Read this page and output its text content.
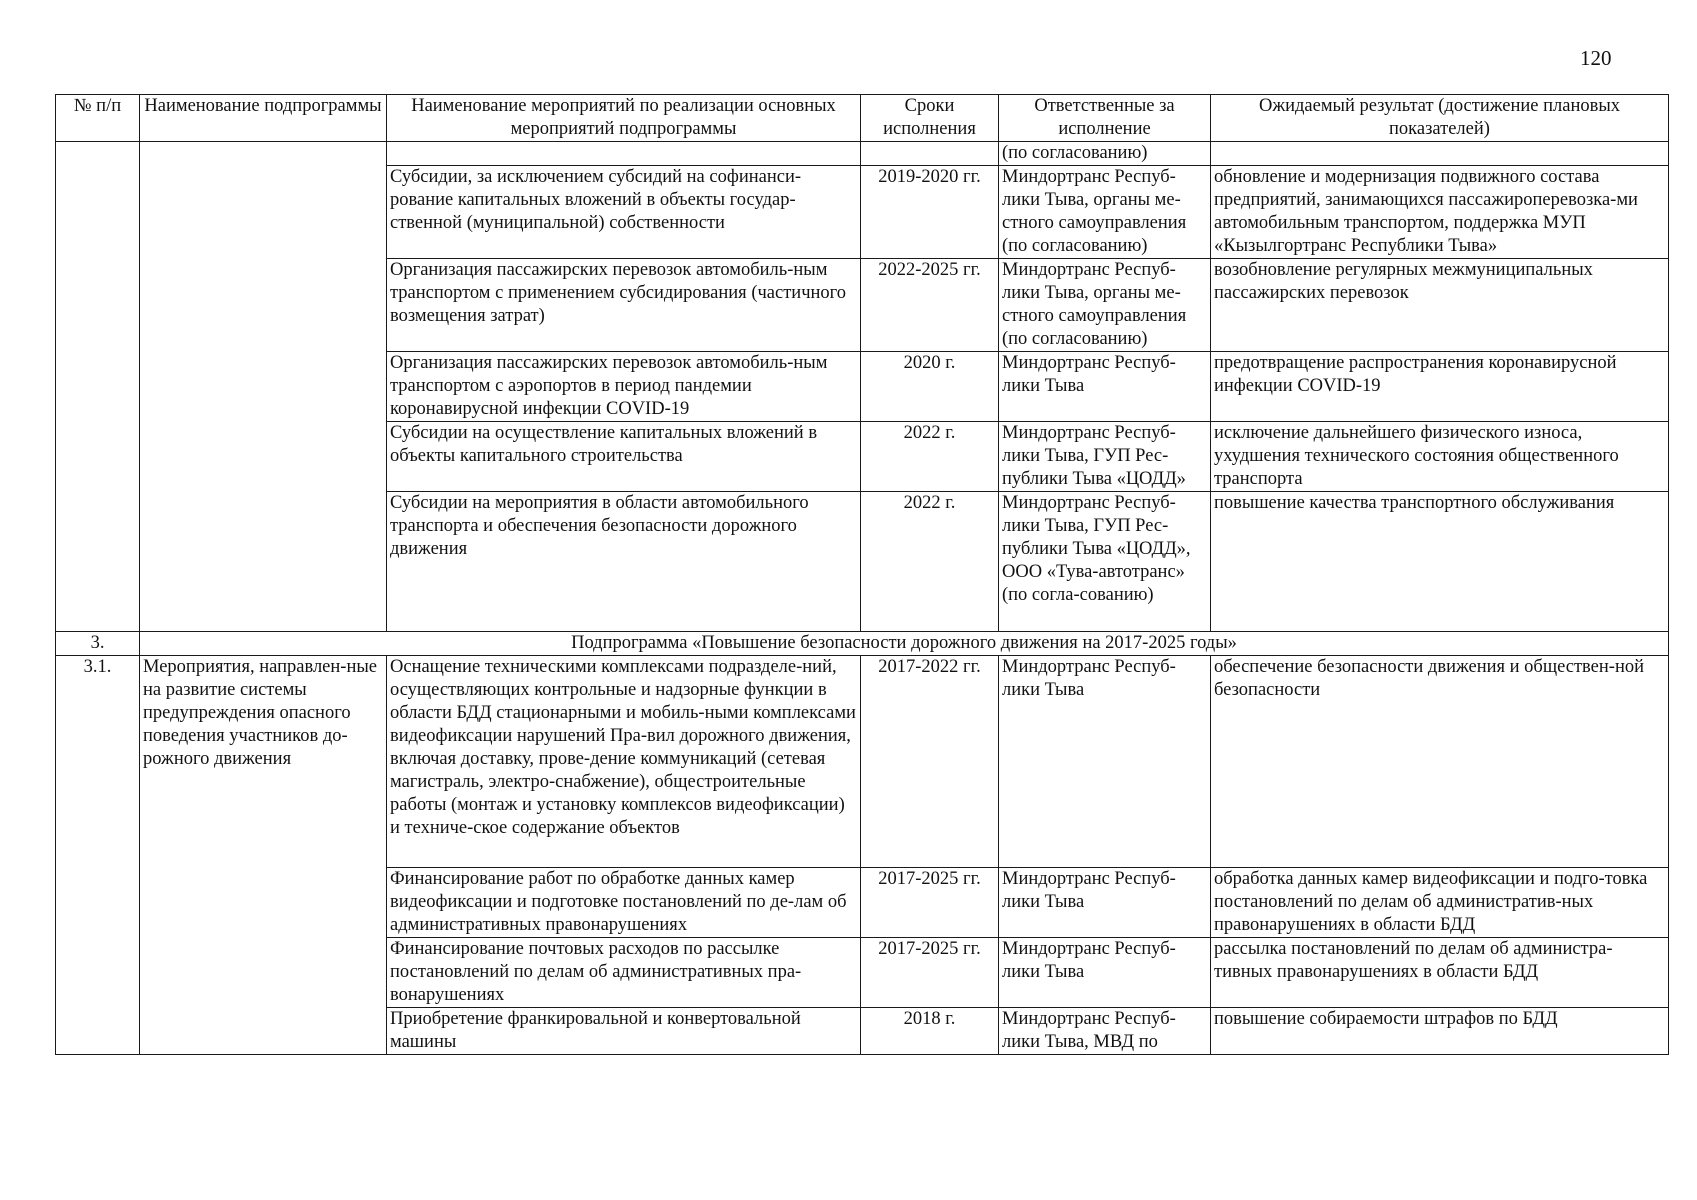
120
№ п/п	Наименование подпрограммы	Наименование мероприятий по реализации основных мероприятий подпрограммы	Сроки исполнения	Ответственные за исполнение	Ожидаемый результат (достижение плановых показателей)
				(по согласованию)	
		Субсидии, за исключением субсидий на софинанси-рование капитальных вложений в объекты государ-ственной (муниципальной) собственности	2019-2020 гг.	Миндортранс Респуб-лики Тыва, органы ме-стного самоуправления (по согласованию)	обновление и модернизация подвижного состава предприятий, занимающихся пассажироперевозка-ми автомобильным транспортом, поддержка МУП «Кызылгортранс Республики Тыва»
		Организация пассажирских перевозок автомобиль-ным транспортом с применением субсидирования (частичного возмещения затрат)	2022-2025 гг.	Миндортранс Респуб-лики Тыва, органы ме-стного самоуправления (по согласованию)	возобновление регулярных межмуниципальных пассажирских перевозок
		Организация пассажирских перевозок автомобиль-ным транспортом с аэропортов в период пандемии коронавирусной инфекции COVID-19	2020 г.	Миндортранс Респуб-лики Тыва	предотвращение распространения коронавирусной инфекции COVID-19
		Субсидии на осуществление капитальных вложений в объекты капитального строительства	2022 г.	Миндортранс Респуб-лики Тыва, ГУП Рес-публики Тыва «ЦОДД»	исключение дальнейшего физического износа, ухудшения технического состояния общественного транспорта
		Субсидии на мероприятия в области автомобильного транспорта и обеспечения безопасности дорожного движения	2022 г.	Миндортранс Респуб-лики Тыва, ГУП Рес-публики Тыва «ЦОДД», ООО «Тува-автотранс» (по согла-сованию)	повышение качества транспортного обслуживания
3.	Подпрограмма «Повышение безопасности дорожного движения на 2017-2025 годы»				
3.1.	Мероприятия, направлен-ные на развитие системы предупреждения опасного поведения участников до-рожного движения	Оснащение техническими комплексами подразделе-ний, осуществляющих контрольные и надзорные функции в области БДД стационарными и мобиль-ными комплексами видеофиксации нарушений Пра-вил дорожного движения, включая доставку, прове-дение коммуникаций (сетевая магистраль, электро-снабжение), общестроительные работы (монтаж и установку комплексов видеофиксации) и техниче-ское содержание объектов	2017-2022 гг.	Миндортранс Респуб-лики Тыва	обеспечение безопасности движения и обществен-ной безопасности
		Финансирование работ по обработке данных камер видеофиксации и подготовке постановлений по де-лам об административных правонарушениях	2017-2025 гг.	Миндортранс Респуб-лики Тыва	обработка данных камер видеофиксации и подго-товка постановлений по делам об административ-ных правонарушениях в области БДД
		Финансирование почтовых расходов по рассылке постановлений по делам об административных пра-вонарушениях	2017-2025 гг.	Миндортранс Респуб-лики Тыва	рассылка постановлений по делам об администра-тивных правонарушениях в области БДД
		Приобретение франкировальной и конвертовальной машины	2018 г.	Миндортранс Респуб-лики Тыва, МВД по	повышение собираемости штрафов по БДД
